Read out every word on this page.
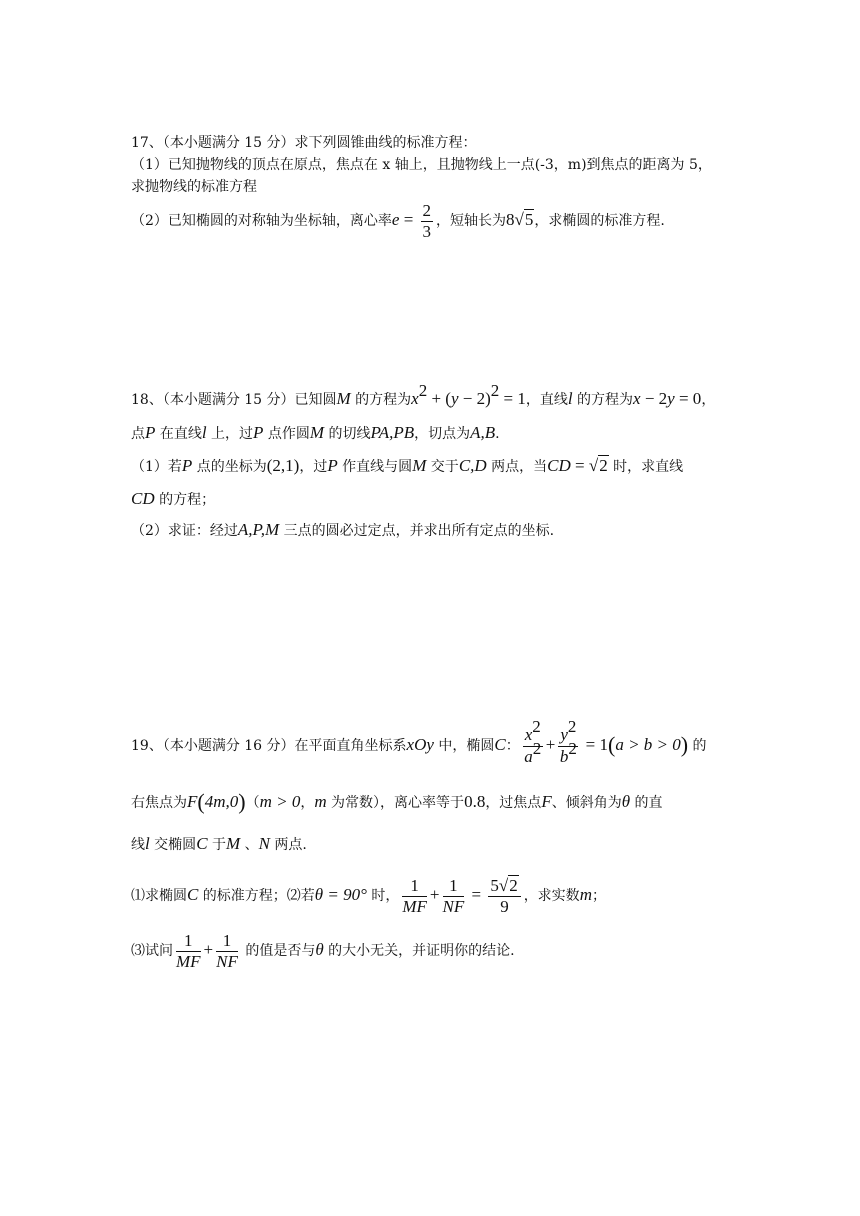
17、（本小题满分 15 分）求下列圆锥曲线的标准方程：
（1）已知抛物线的顶点在原点，焦点在 x 轴上，且抛物线上一点(-3，m)到焦点的距离为 5，
求抛物线的标准方程
（2）已知椭圆的对称轴为坐标轴，离心率$e = \frac{2}{3}$ ，短轴长为8√5，求椭圆的标准方程.
18、（本小题满分 15 分）已知圆M 的方程为$x^2 + (y - 2)^2 = 1$，直线l 的方程为x − 2y = 0，
点P 在直线l 上，过P 点作圆M 的切线PA,PB，切点为A,B.
（1）若P 点的坐标为(2,1)，过P 作直线与圆M 交于C,D 两点，当CD = √2 时，求直线
CD 的方程；
（2）求证：经过A,P,M 三点的圆必过定点，并求出所有定点的坐标.
19、（本小题满分 16 分）在平面直角坐标系xOy 中，椭圆C： $\frac{x^2}{a^2} + \frac{y^2}{b^2} = 1(a > b > 0)$ 的
右焦点为F(4m,0)（m > 0，m 为常数），离心率等于0.8，过焦点F、倾斜角为θ 的直
线l 交椭圆C 于M 、N 两点.
⑴求椭圆C 的标准方程；⑵若θ = 90° 时， $\frac{1}{MF} + \frac{1}{NF} = \frac{5√2}{9}$ ，求实数m；
⑶试问 $\frac{1}{MF} + \frac{1}{NF}$ 的值是否与θ 的大小无关，并证明你的结论.
